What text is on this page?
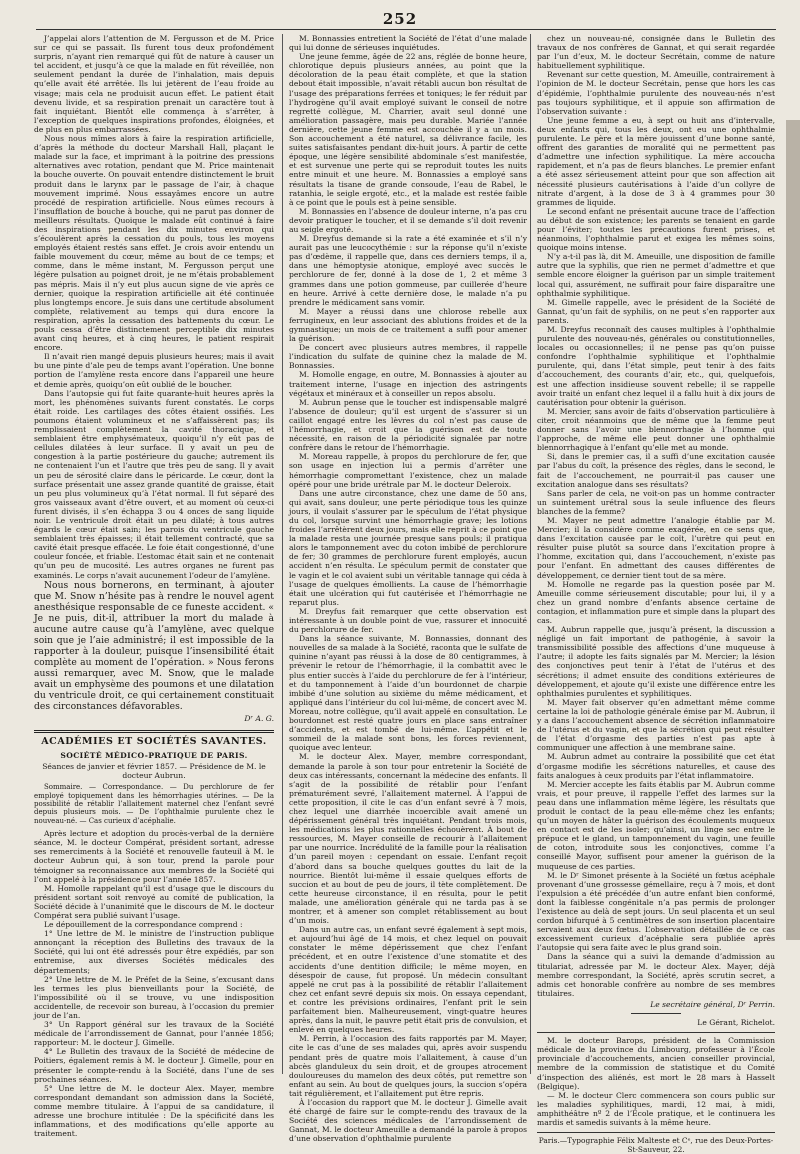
252

J’appelai alors l’attention de M. Fergusson et de M. Price sur ce qui se passait. Ils furent tous deux profondément surpris, n’ayant rien remarqué qui fût de nature à causer un tel accident, et jusqu’à ce que la malade en fût réveillée, non seulement pendant la durée de l’inhalation, mais depuis qu’elle avait été arrêtée. Ils lui jetèrent de l’eau froide au visage; mais cela ne produisit aucun effet. Le patient était devenu livide, et sa respiration prenait un caractère tout à fait inquiétant. Bientôt elle commença à s’arrêter, à l’exception de quelques inspirations profondes, éloignées, et de plus en plus embarrassées.

Nous nous mîmes alors à faire la respiration artificielle, d’après la méthode du docteur Marshall Hall, plaçant le malade sur la face, et imprimant à la poitrine des pressions alternatives avec rotation, pendant que M. Price maintenait la bouche ouverte. On pouvait entendre distinctement le bruit produit dans le larynx par le passage de l’air, à chaque mouvement imprimé. Nous essayâmes encore un autre procédé de respiration artificielle. Nous eûmes recours à l’insufflation de bouche à bouche, qui ne parut pas donner de meilleurs résultats. Quoique le malade eût continué à faire des inspirations pendant les dix minutes environ qui s’écoulèrent après la cessation du pouls, tous les moyens employés étaient restés sans effet. Je crois avoir entendu un faible mouvement du cœur, même au bout de ce temps; et comme, dans le même instant, M. Fergusson perçut une légère pulsation au poignet droit, je ne m’étais probablement pas mépris. Mais il n’y eut plus aucun signe de vie après ce dernier, quoique la respiration artificielle ait été continuée plus longtemps encore. Je suis dans une certitude absolument complète, relativement au temps qui dura encore la respiration, après la cessation des battements du cœur. Le pouls cessa d’être distinctement perceptible dix minutes avant cinq heures, et à cinq heures, le patient respirait encore.

Il n’avait rien mangé depuis plusieurs heures; mais il avait bu une pinte d’ale peu de temps avant l’opération. Une bonne portion de l’amylène resta encore dans l’appareil une heure et demie après, quoiqu’on eût oublié de le boucher.

Dans l’autopsie qui fut faite quarante-huit heures après la mort, les phénomènes suivants furent constatés. Le corps était roide. Les cartilages des côtes étaient ossifiés. Les poumons étaient volumineux et ne s’affaissèrent pas; ils remplissaient complètement la cavité thoracique, et semblaient être emphysémateux, quoiqu’il n’y eût pas de cellules dilatées à leur surface. Il y avait un peu de congestion à la partie postérieure du gauche; autrement ils ne contenaient l’un et l’autre que très peu de sang. Il y avait un peu de sérosité claire dans le péricarde. Le cœur, dont la surface présentait une assez grande quantité de graisse, était un peu plus volumineux qu’à l’état normal. Il fut séparé des gros vaisseaux avant d’être ouvert, et au moment où ceux-ci furent divisés, il s’en échappa 3 ou 4 onces de sang liquide noir. Le ventricule droit était un peu dilaté; à tous autres égards le cœur était sain; les parois du ventricule gauche semblaient très épaisses; il était tellement contracté, que sa cavité était presque effacée. Le foie était congestionné, d’une couleur foncée, et friable. L’estomac était sain et ne contenait qu’un peu de mucosité. Les autres organes ne furent pas examinés. Le corps n’avait aucunement l’odeur de l’amylène.

Nous nous bornerons, en terminant, à ajouter que M. Snow n’hésite pas à rendre le nouvel agent anesthésique responsable de ce funeste accident. « Je ne puis, dit-il, attribuer la mort du malade à aucune autre cause qu’à l’amylène, avec quelque soin que je l’aie administré; il est impossible de la rapporter à la douleur, puisque l’insensibilité était complète au moment de l’opération. » Nous ferons aussi remarquer, avec M. Snow, que le malade avait un emphysème des poumons et une dilatation du ventricule droit, ce qui certainement constituait des circonstances défavorables.

Dʳ A. G.

ACADÉMIES ET SOCIÉTÉS SAVANTES.
SOCIÉTÉ MÉDICO-PRATIQUE DE PARIS.
Séances de janvier et février 1857. — Présidence de M. le docteur Aubrun.
Sommaire. — Correspondance. — Du perchlorure de fer employé topiquement dans les hémorrhagies utérines. — De la possibilité de rétablir l’allaitement maternel chez l’enfant sevré depuis plusieurs mois. — De l’ophthalmie purulente chez le nouveau-né. — Cas curieux d’acéphalie.

Après lecture et adoption du procès-verbal de la dernière séance, M. le docteur Compérat, président sortant, adresse ses remerciments à la Société et renouvelle fauteuil à M. le docteur Aubrun qui, à son tour, prend la parole pour témoigner sa reconnaissance aux membres de la Société qui l’ont appelé à la présidence pour l’année 1857.

M. Homolle rappelant qu’il est d’usage que le discours du président sortant soit renvoyé au comité de publication, la Société décide à l’unanimité que le discours de M. le docteur Compérat sera publié suivant l’usage.

Le dépouillement de la correspondance comprend :

1° Une lettre de M. le ministre de l’instruction publique annonçant la réception des Bulletins des travaux de la Société, qui lui ont été adressés pour être expédiés, par son entremise, aux diverses Sociétés médicales des départements;

2° Une lettre de M. le Préfet de la Seine, s’excusant dans les termes les plus bienveillants pour la Société, de l’impossibilité où il se trouve, vu une indisposition accidentelle, de recevoir son bureau, à l’occasion du premier jour de l’an.

3° Un Rapport général sur les travaux de la Société médicale de l’arrondissement de Gannat, pour l’année 1856; rapporteur: M. le docteur J. Gimelle.

4° Le Bulletin des travaux de la Société de médecine de Poitiers, également remis à M. le docteur J. Gimelle, pour en présenter le compte-rendu à la Société, dans l’une de ses prochaines séances.

5° Une lettre de M. le docteur Alex. Mayer, membre correspondant demandant son admission dans la Société, comme membre titulaire. À l’appui de sa candidature, il adresse une brochure intitulée : De la spécificité dans les inflammations, et des modifications qu’elle apporte au traitement.

M. Bonnassies entretient la Société de l’état d’une malade qui lui donne de sérieuses inquiétudes.

Une jeune femme, âgée de 22 ans, réglée de bonne heure, chlorotique depuis plusieurs années, au point que la décoloration de la peau était complète, et que la station debout était impossible, n’avait rétabli aucun bon résultat de l’usage des préparations ferrées et toniques; le fer réduit par l’hydrogène qu’il avait employé suivant le conseil de notre regretté collègue, M. Charrier, avait seul donné une amélioration passagère, mais peu durable. Mariée l’année dernière, cette jeune femme est accouchée il y a un mois. Son accouchement a été naturel, sa délivrance facile, les suites satisfaisantes pendant dix-huit jours. À partir de cette époque, une légère sensibilité abdominale s’est manifestée, et est survenue une perte qui se reproduit toutes les nuits entre minuit et une heure. M. Bonnassies a employé sans résultats la tisane de grande consoude, l’eau de Rabel, le ratanhia, le seigle ergoté, etc., et la malade est restée faible à ce point que le pouls est à peine sensible.

M. Bonnassies en l’absence de douleur interne, n’a pas cru devoir pratiquer le toucher, et il se demande s’il doit revenir au seigle ergoté.

M. Dreyfus demande si la rate a été examinée et s’il n’y aurait pas une leucocythémie : sur la réponse qu’il n’existe pas d’œdème, il rappelle que, dans ces derniers temps, il a, dans une hémoptysie atonique, employé avec succès le perchlorure de fer, donné à la dose de 1, 2 et même 3 grammes dans une potion gommeuse, par cuillerée d’heure en heure. Arrivé à cette dernière dose, le malade n’a pu prendre le médicament sans vomir.

M. Mayer a réussi dans une chlorose rebelle aux ferrugineux, en leur associant des ablutions froides et de la gymnastique; un mois de ce traitement a suffi pour amener la guérison.

De concert avec plusieurs autres membres, il rappelle l’indication du sulfate de quinine chez la malade de M. Bonnassies.

M. Homolle engage, en outre, M. Bonnassies à ajouter au traitement interne, l’usage en injection des astringents végétaux et minéraux et à conseiller un repos absolu.

M. Aubrun pense que le toucher est indispensable malgré l’absence de douleur; qu’il est urgent de s’assurer si un caillot engagé entre les lèvres du col n’est pas cause de l’hémorrhagie, et croit que la guérison est de toute nécessité, en raison de la périodicité signalée par notre confrère dans le retour de l’hémorrhagie.

M. Moreau rappelle, à propos du perchlorure de fer, que son usage en injection lui a permis d’arrêter une hémorrhagie compromettant l’existence, chez un malade opéré pour une bride urétrale par M. le docteur Deleroix.

Dans une autre circonstance, chez une dame de 50 ans, qui avait, sans douleur, une perte périodique tous les quinze jours, il voulait s’assurer par le spéculum de l’état physique du col, lorsque survint une hémorrhagie grave; les lotions froides l’arrêtèrent deux jours, mais elle reprit à ce point que la malade resta une journée presque sans pouls; il pratiqua alors le tamponnement avec du coton imbibé de perchlorure de fer; 30 grammes de perchlorure furent employés, aucun accident n’en résulta. Le spéculum permit de constater que le vagin et le col avaient subi un véritable tannage qui céda à l’usage de quelques émollients. La cause de l’hémorrhagie était une ulcération qui fut cautérisée et l’hémorrhagie ne reparut plus.

M. Dreyfus fait remarquer que cette observation est intéressante à un double point de vue, rassurer et innocuité du perchlorure de fer.

Dans la séance suivante, M. Bonnassies, donnant des nouvelles de sa malade à la Société, raconta que le sulfate de quinine n’ayant pas réussi à la dose de 80 centigrammes, à prévenir le retour de l’hémorrhagie, il la combattit avec le plus entier succès à l’aide du perchlorure de fer à l’intérieur, et du tamponnement à l’aide d’un bourdonnet de charpie imbibé d’une solution au sixième du même médicament, et appliqué dans l’intérieur du col lui-même, de concert avec M. Moreau, notre collègue, qu’il avait appelé en consultation. Le bourdonnet est resté quatre jours en place sans entraîner d’accidents, et est tombé de lui-même. L’appétit et le sommeil de la malade sont bons, les forces reviennent, quoique avec lenteur.

M. le docteur Alex. Mayer, membre correspondant, demande la parole à son tour pour entretenir la Société de deux cas intéressants, concernant la médecine des enfants. Il s’agit de la possibilité de rétablir pour l’enfant prématurément sevré, l’allaitement maternel. À l’appui de cette proposition, il cite le cas d’un enfant sevré à 7 mois, chez lequel une diarrhée incoercible avait amené un dépérissement général très inquiétant. Pendant trois mois, les médications les plus rationnelles échouèrent. À bout de ressources, M. Mayer conseille de recourir à l’allaitement par une nourrice. Incrédulité de la famille pour la réalisation d’un pareil moyen : cependant on essaie. L’enfant reçoit d’abord dans sa bouche quelques gouttes du lait de la nourrice. Bientôt lui-même il essaie quelques efforts de succion et au bout de peu de jours, il tète complètement. De cette heureuse circonstance, il en résulta, pour le petit malade, une amélioration générale qui ne tarda pas à se montrer, et à amener son complet rétablissement au bout d’un mois.

Dans un autre cas, un enfant sevré également à sept mois, et aujourd’hui âgé de 14 mois, et chez lequel on pouvait constater le même dépérissement que chez l’enfant précédent, et en outre l’existence d’une stomatite et des accidents d’une dentition difficile; le même moyen, en désespoir de cause, fut proposé. Un médecin consultant appelé ne crut pas à la possibilité de rétablir l’allaitement chez cet enfant sevré depuis six mois. On essaya cependant, et contre les prévisions ordinaires, l’enfant prit le sein parfaitement bien. Malheureusement, vingt-quatre heures après, dans la nuit, le pauvre petit était pris de convulsion, et enlevé en quelques heures.

M. Perrin, à l’occasion des faits rapportés par M. Mayer, cite le cas d’une de ses malades qui, après avoir suspendu pendant près de quatre mois l’allaitement, à cause d’un abcès glanduleux du sein droit, et de groupes atrocement douloureuses du mamelon des deux côtés, put remettre son enfant au sein. Au bout de quelques jours, la succion s’opéra tait régulièrement, et l’allaitement put être repris.

À l’occasion du rapport que M. le docteur J. Gimelle avait été chargé de faire sur le compte-rendu des travaux de la Société des sciences médicales de l’arrondissement de Gannat, M. le docteur Ameuille a demandé la parole à propos d’une observation d’ophthalmie purulente

chez un nouveau-né, consignée dans le Bulletin des travaux de nos confrères de Gannat, et qui serait regardée par l’un d’eux, M. le docteur Secrétain, comme de nature habituellement syphilitique.

Revenant sur cette question, M. Ameuille, contrairement à l’opinion de M. le docteur Secrétain, pense que hors les cas d’épidémie, l’ophthalmie purulente des nouveau-nés n’est pas toujours syphilitique, et il appuie son affirmation de l’observation suivante :

Une jeune femme a eu, à sept ou huit ans d’intervalle, deux enfants qui, tous les deux, ont eu une ophthalmie purulente. Le père et la mère jouissent d’une bonne santé, offrent des garanties de moralité qui ne permettent pas d’admettre une infection syphilitique. La mère accoucha rapidement, et n’a pas de fleurs blanches. Le premier enfant a été assez sérieusement atteint pour que son affection ait nécessité plusieurs cautérisations à l’aide d’un collyre de nitrate d’argent, à la dose de 3 à 4 grammes pour 30 grammes de liquide.

Le second enfant ne présentait aucune trace de l’affection au début de son existence; les parents se tenaient en garde pour l’éviter; toutes les précautions furent prises, et néanmoins, l’ophthalmie parut et exigea les mêmes soins, quoique moins intense.

N’y a-t-il pas là, dit M. Ameuille, une disposition de famille autre que la syphilis, que rien ne permet d’admettre et que semble encore éloigner la guérison par un simple traitement local qui, assurément, ne suffirait pour faire disparaître une ophthalmie syphilitique.

M. Gimelle rappelle, avec le président de la Société de Gannat, qu’un fait de syphilis, on ne peut s’en rapporter aux parents.

M. Dreyfus reconnaît des causes multiples à l’ophthalmie purulente des nouveau-nés, générales ou constitutionnelles, locales ou occasionnelles; il ne pense pas qu’on puisse confondre l’ophthalmie syphilitique et l’ophthalmie purulente, qui, dans l’état simple, peut tenir à des faits d’accouchement, des courants d’air, etc., qui, quelquefois, est une affection insidieuse souvent rebelle; il se rappelle avoir traité un enfant chez lequel il a fallu huit à dix jours de cautérisation pour obtenir la guérison.

M. Mercier, sans avoir de faits d’observation particulière à citer, croit néanmoins que de même que la femme peut donner sans l’avoir une blennorrhagie à l’homme qui l’approche, de même elle peut donner une ophthalmie blennorrhagique à l’enfant qu’elle met au monde.

Si, dans le premier cas, il a suffi d’une excitation causée par l’abus du coït, la présence des règles, dans le second, le fait de l’accouchement, ne pourrait-il pas causer une excitation analogue dans ses résultats?

Sans parler de cela, ne voit-on pas un homme contracter un suintement urétral sous la seule influence des fleurs blanches de la femme?

M. Mayer ne peut admettre l’analogie établie par M. Mercier; il la considère comme exagérée, en ce sens que, dans l’excitation causée par le coït, l’urètre qui peut en résulter puise plutôt sa source dans l’excitation propre à l’homme, excitation qui, dans l’accouchement, n’existe pas pour l’enfant. En admettant des causes différentes de développement, ce dernier tient tout de sa mère.

M. Homolle ne regarde pas la question posée par M. Ameuille comme sérieusement discutable; pour lui, il y a chez un grand nombre d’enfants absence certaine de contagion, et inflammation pure et simple dans la plupart des cas.

M. Aubrun rappelle que, jusqu’à présent, la discussion a négligé un fait important de pathogénie, à savoir la transmissibilité possible des affections d’une muqueuse à l’autre; il adopte les faits signalés par M. Mercier; la lésion des conjonctives peut tenir à l’état de l’utérus et des sécrétions; il admet ensuite des conditions extérieures de développement, et ajoute qu’il existe une différence entre les ophthalmies purulentes et syphilitiques.

M. Mayer fait observer qu’en admettant même comme certaine la loi de pathologie générale émise par M. Aubrun, il y a dans l’accouchement absence de sécrétion inflammatoire de l’utérus et du vagin, et que la sécrétion qui peut résulter de l’état d’orgasme des parties n’est pas apte à communiquer une affection à une membrane saine.

M. Aubrun admet au contraire la possibilité que cet état d’orgasme modifie les sécrétions naturelles, et cause des faits analogues à ceux produits par l’état inflammatoire.

M. Mercier accepte les faits établis par M. Aubrun comme vrais, et pour preuve, il rappelle l’effet des larmes sur la peau dans une inflammation même légère, les résultats que produit le contact de la peau elle-même chez les enfants; qu’un moyen de hâter la guérison des écoulements muqueux en contact est de les isoler; qu’ainsi, un linge sec entre le prépuce et le gland, un tamponnement du vagin, une feuille de coton, introduite sous les conjonctives, comme l’a conseillé Mayor, suffisent pour amener la guérison de la muqueuse de ces parties.

M. le Dʳ Simonet présente à la Société un fœtus acéphale provenant d’une grossesse gémellaire, reçu à 7 mois, et dont l’expulsion a été précédée d’un autre enfant bien conformé, dont la faiblesse congénitale n’a pas permis de prolonger l’existence au delà de sept jours. Un seul placenta et un seul cordon bifurqué à 5 centimètres de son insertion placentaire servaient aux deux fœtus. L’observation détaillée de ce cas excessivement curieux d’acéphalie sera publiée après l’autopsie qui sera faite avec le plus grand soin.

Dans la séance qui a suivi la demande d’admission au titulariat, adressée par M. le docteur Alex. Mayer, déjà membre correspondant, la Société, après scrutin secret, a admis cet honorable confrère au nombre de ses membres titulaires.

Le secrétaire général, Dʳ Perrin.

Le Gérant, Richelot.

M. le docteur Barops, président de la Commission médicale de la province du Limbourg, professeur à l’École provinciale d’accouchements, ancien conseiller provincial, membre de la commission de statistique et du Comité d’inspection des aliénés, est mort le 28 mars à Hasselt (Belgique).

— M. le docteur Clerc commencera son cours public sur les maladies syphilitiques, mardi, 12 mai, à midi, amphithéâtre nº 2 de l’École pratique, et le continuera les mardis et samedis suivants à la même heure.

Paris.—Typographie Félix Malteste et Cᵉ, rue des Deux-Portes-St-Sauveur, 22.
